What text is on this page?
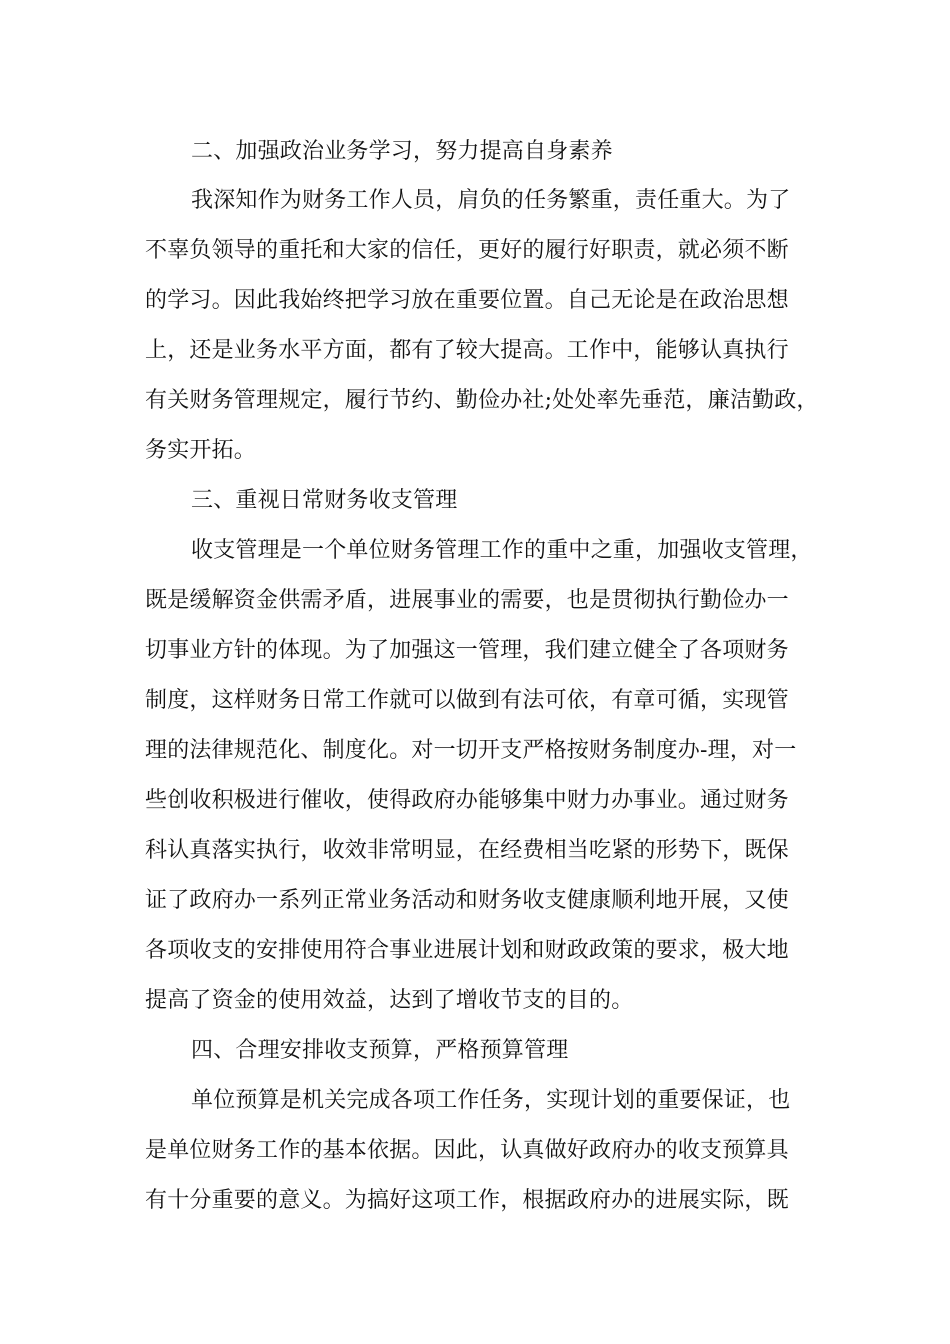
二、加强政治业务学习，努力提高自身素养
我深知作为财务工作人员，肩负的任务繁重，责任重大。为了
不辜负领导的重托和大家的信任，更好的履行好职责，就必须不断
的学习。因此我始终把学习放在重要位置。自己无论是在政治思想
上，还是业务水平方面，都有了较大提高。工作中，能够认真执行
有关财务管理规定，履行节约、勤俭办社;处处率先垂范，廉洁勤政，
务实开拓。
三、重视日常财务收支管理
收支管理是一个单位财务管理工作的重中之重，加强收支管理，
既是缓解资金供需矛盾，进展事业的需要，也是贯彻执行勤俭办一
切事业方针的体现。为了加强这一管理，我们建立健全了各项财务
制度，这样财务日常工作就可以做到有法可依，有章可循，实现管
理的法律规范化、制度化。对一切开支严格按财务制度办-理，对一
些创收积极进行催收，使得政府办能够集中财力办事业。通过财务
科认真落实执行，收效非常明显，在经费相当吃紧的形势下，既保
证了政府办一系列正常业务活动和财务收支健康顺利地开展，又使
各项收支的安排使用符合事业进展计划和财政政策的要求，极大地
提高了资金的使用效益，达到了增收节支的目的。
四、合理安排收支预算，严格预算管理
单位预算是机关完成各项工作任务，实现计划的重要保证，也
是单位财务工作的基本依据。因此，认真做好政府办的收支预算具
有十分重要的意义。为搞好这项工作，根据政府办的进展实际，既
